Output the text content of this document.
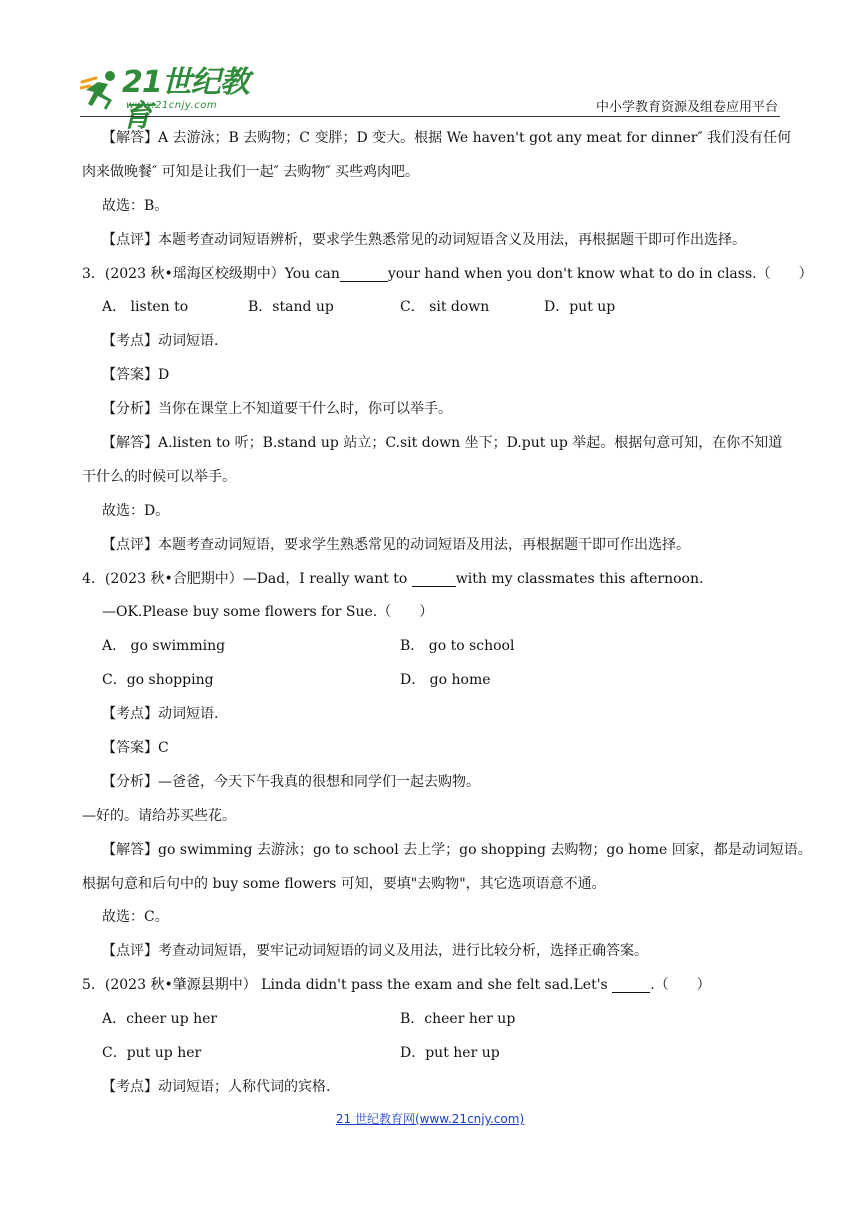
21世纪教育
www.21cnjy.com	中小学教育资源及组卷应用平台
【解答】A 去游泳；B 去购物；C 变胖；D 变大。根据 We haven't got any meat for dinner″ 我们没有任何
肉来做晚餐″ 可知是让我们一起″ 去购物″ 买些鸡肉吧。
故选：B。
【点评】本题考查动词短语辨析，要求学生熟悉常见的动词短语含义及用法，再根据题干即可作出选择。
3．(2023 秋•瑶海区校级期中）You can	your hand when you don't know what to do in class.（　　）
A． listen to	B．stand up	C． sit down	D．put up
【考点】动词短语.
【答案】D
【分析】当你在课堂上不知道要干什么时，你可以举手。
【解答】A.listen to 听；B.stand up 站立；C.sit down 坐下；D.put up 举起。根据句意可知，在你不知道
干什么的时候可以举手。
故选：D。
【点评】本题考查动词短语，要求学生熟悉常见的动词短语及用法，再根据题干即可作出选择。
4．(2023 秋•合肥期中）—Dad，I really want to	with my classmates this afternoon.
—OK.Please buy some flowers for Sue.（　　）
A． go swimming	B． go to school
C．go shopping	D． go home
【考点】动词短语.
【答案】C
【分析】—爸爸，今天下午我真的很想和同学们一起去购物。
—好的。请给苏买些花。
【解答】go swimming 去游泳；go to school 去上学；go shopping 去购物；go home 回家，都是动词短语。
根据句意和后句中的 buy some flowers 可知，要填"去购物"，其它选项语意不通。
故选：C。
【点评】考查动词短语，要牢记动词短语的词义及用法，进行比较分析，选择正确答案。
5．(2023 秋•肇源县期中） Linda didn't pass the exam and she felt sad.Let's	.（　　）
A．cheer up her	B．cheer her up
C．put up her	D．put her up
【考点】动词短语；人称代词的宾格.
21 世纪教育网(www.21cnjy.com)
